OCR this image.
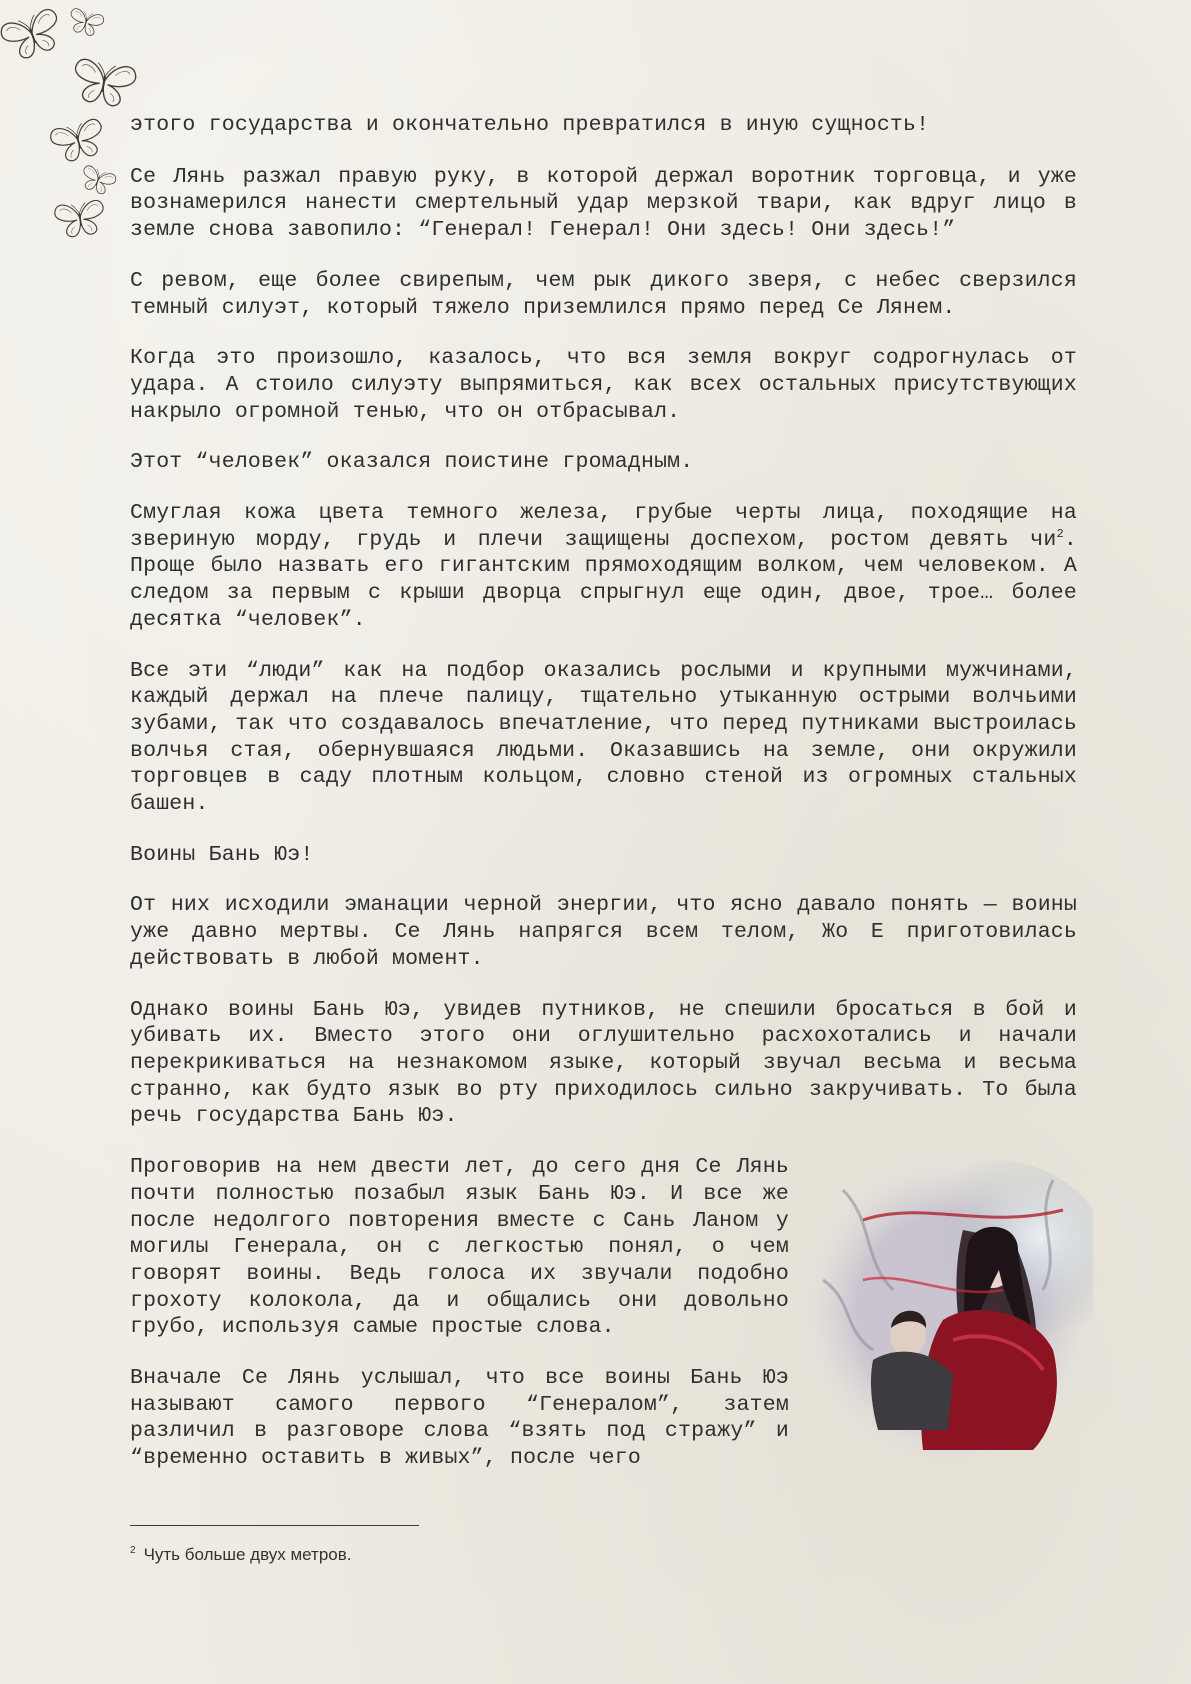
этого государства и окончательно превратился в иную сущность!

Се Лянь разжал правую руку, в которой держал воротник торговца, и уже вознамерился нанести смертельный удар мерзкой твари, как вдруг лицо в земле снова завопило: “Генерал! Генерал! Они здесь! Они здесь!”

С ревом, еще более свирепым, чем рык дикого зверя, с небес сверзился темный силуэт, который тяжело приземлился прямо перед Се Лянем.

Когда это произошло, казалось, что вся земля вокруг содрогнулась от удара. А стоило силуэту выпрямиться, как всех остальных присутствующих накрыло огромной тенью, что он отбрасывал.

Этот “человек” оказался поистине громадным.

Смуглая кожа цвета темного железа, грубые черты лица, походящие на звериную морду, грудь и плечи защищены доспехом, ростом девять чи$^2$. Проще было назвать его гигантским прямоходящим волком, чем человеком. А следом за первым с крыши дворца спрыгнул еще один, двое, трое… более десятка “человек”.

Все эти “люди” как на подбор оказались рослыми и крупными мужчинами, каждый держал на плече палицу, тщательно утыканную острыми волчьими зубами, так что создавалось впечатление, что перед путниками выстроилась волчья стая, обернувшаяся людьми. Оказавшись на земле, они окружили торговцев в саду плотным кольцом, словно стеной из огромных стальных башен.

Воины Бань Юэ!

От них исходили эманации черной энергии, что ясно давало понять — воины уже давно мертвы. Се Лянь напрягся всем телом, Жо Е приготовилась действовать в любой момент.

Однако воины Бань Юэ, увидев путников, не спешили бросаться в бой и убивать их. Вместо этого они оглушительно расхохотались и начали перекрикиваться на незнакомом языке, который звучал весьма и весьма странно, как будто язык во рту приходилось сильно закручивать. То была речь государства Бань Юэ.

Проговорив на нем двести лет, до сего дня Се Лянь почти полностью позабыл язык Бань Юэ. И все же после недолгого повторения вместе с Сань Ланом у могилы Генерала, он с легкостью понял, о чем говорят воины. Ведь голоса их звучали подобно грохоту колокола, да и общались они довольно грубо, используя самые простые слова.

Вначале Се Лянь услышал, что все воины Бань Юэ называют самого первого “Генералом”, затем различил в разговоре слова “взять под стражу” и “временно оставить в живых”, после чего

$^2$ Чуть больше двух метров.
